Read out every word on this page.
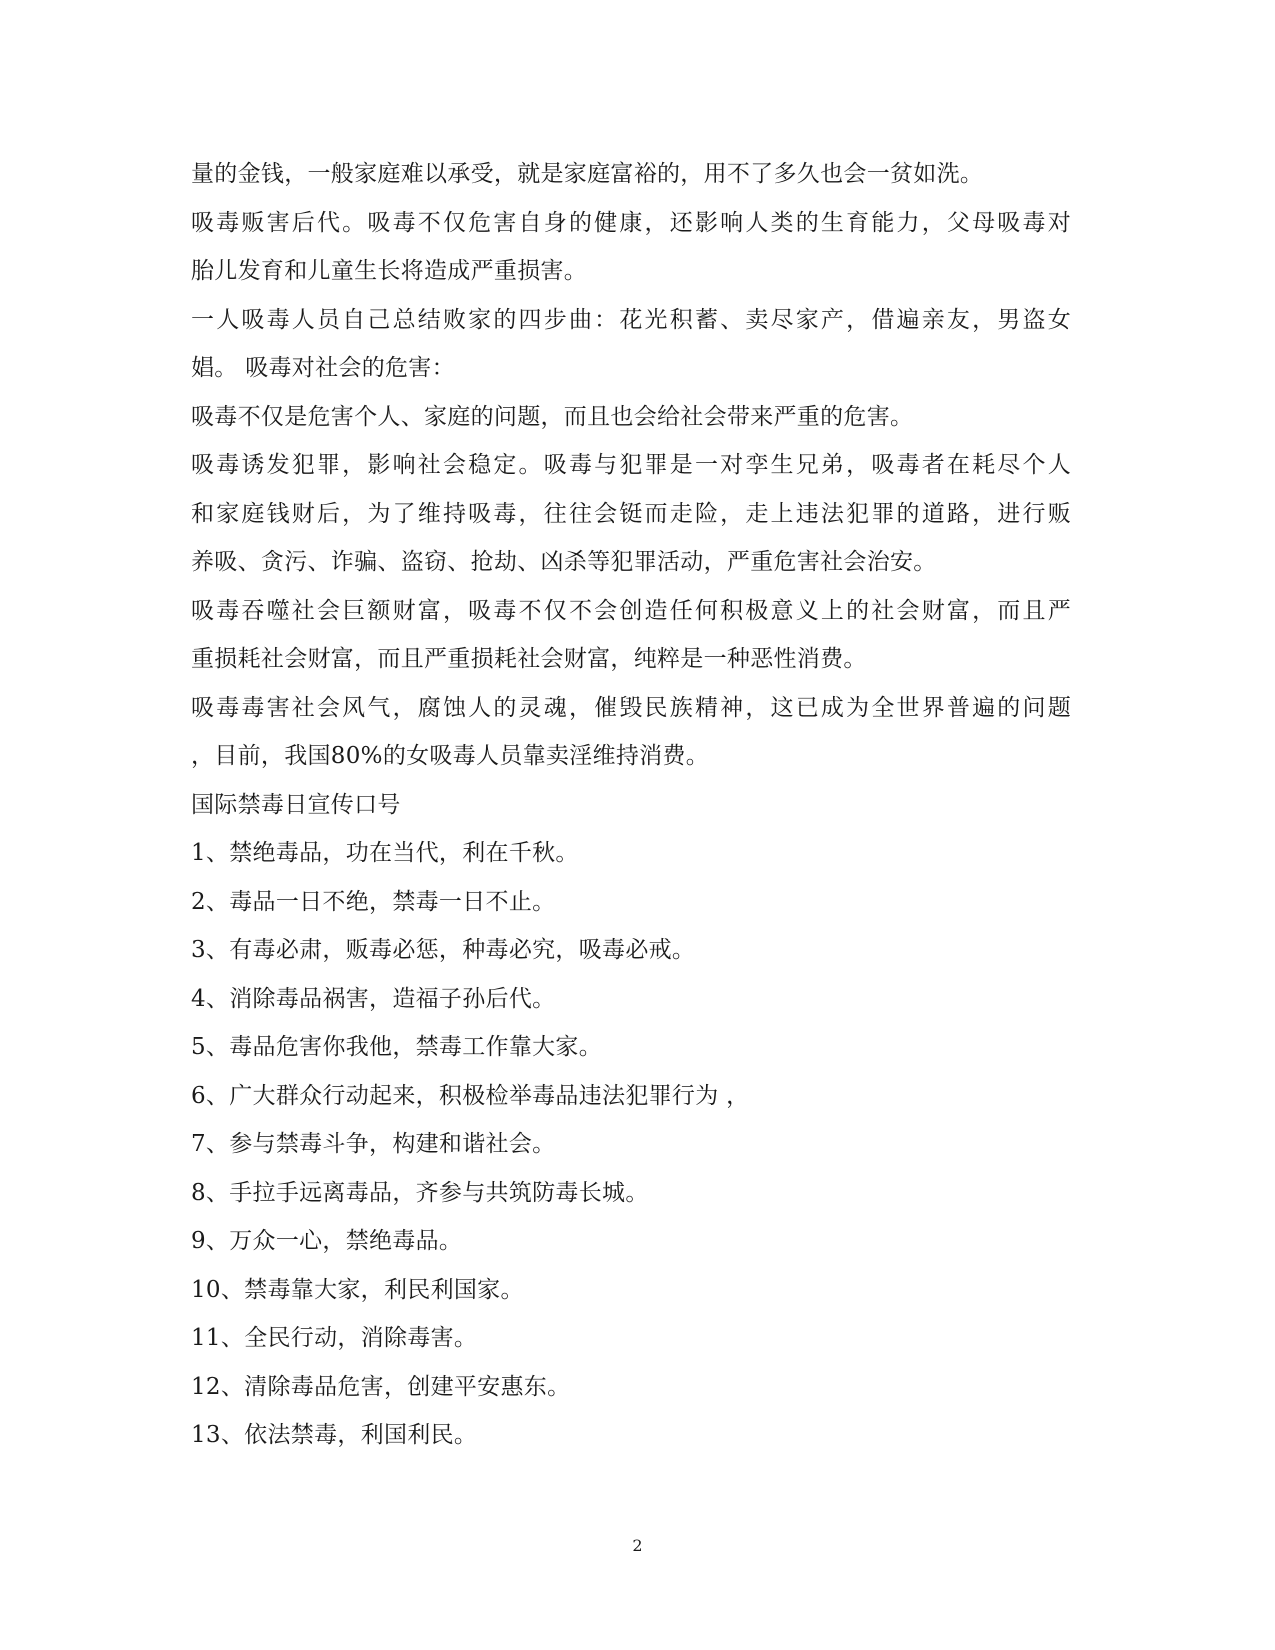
量的金钱，一般家庭难以承受，就是家庭富裕的，用不了多久也会一贫如洗。
吸毒贩害后代。吸毒不仅危害自身的健康，还影响人类的生育能力，父母吸毒对
胎儿发育和儿童生长将造成严重损害。
一人吸毒人员自己总结败家的四步曲：花光积蓄、卖尽家产，借遍亲友，男盗女
娼。 吸毒对社会的危害：
吸毒不仅是危害个人、家庭的问题，而且也会给社会带来严重的危害。
吸毒诱发犯罪，影响社会稳定。吸毒与犯罪是一对孪生兄弟，吸毒者在耗尽个人
和家庭钱财后，为了维持吸毒，往往会铤而走险，走上违法犯罪的道路，进行贩
养吸、贪污、诈骗、盗窃、抢劫、凶杀等犯罪活动，严重危害社会治安。
吸毒吞噬社会巨额财富，吸毒不仅不会创造任何积极意义上的社会财富，而且严
重损耗社会财富，而且严重损耗社会财富，纯粹是一种恶性消费。
吸毒毒害社会风气，腐蚀人的灵魂，催毁民族精神，这已成为全世界普遍的问题
，目前，我国80%的女吸毒人员靠卖淫维持消费。
国际禁毒日宣传口号
1、禁绝毒品，功在当代，利在千秋。
2、毒品一日不绝，禁毒一日不止。
3、有毒必肃，贩毒必惩，种毒必究，吸毒必戒。
4、消除毒品祸害，造福子孙后代。
5、毒品危害你我他，禁毒工作靠大家。
6、广大群众行动起来，积极检举毒品违法犯罪行为 ，
7、参与禁毒斗争，构建和谐社会。
8、手拉手远离毒品，齐参与共筑防毒长城。
9、万众一心，禁绝毒品。
10、禁毒靠大家，利民利国家。
11、全民行动，消除毒害。
12、清除毒品危害，创建平安惠东。
13、依法禁毒，利国利民。
2
